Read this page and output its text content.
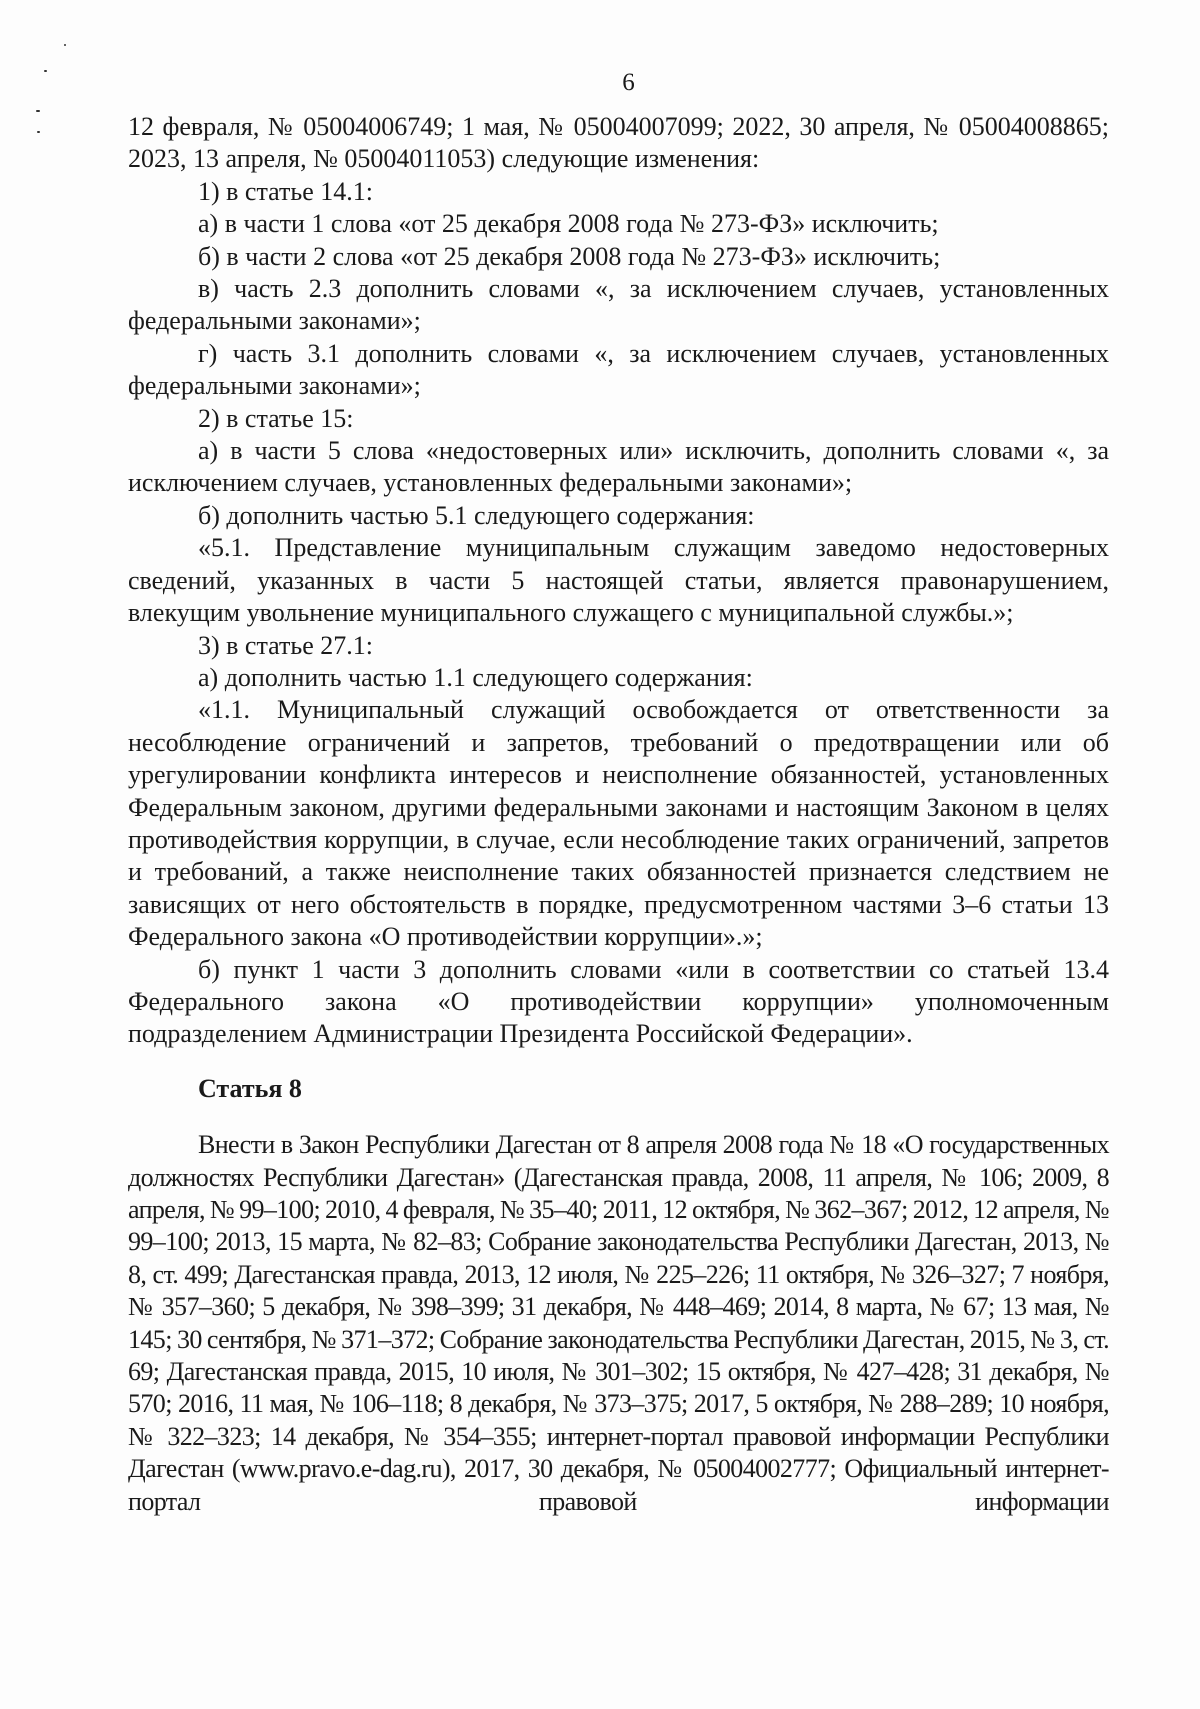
6

12 февраля, № 05004006749; 1 мая, № 05004007099; 2022, 30 апреля, № 05004008865; 2023, 13 апреля, № 05004011053) следующие изменения:

1) в статье 14.1:

а) в части 1 слова «от 25 декабря 2008 года № 273-ФЗ» исключить;

б) в части 2 слова «от 25 декабря 2008 года № 273-ФЗ» исключить;

в) часть 2.3 дополнить словами «, за исключением случаев, установленных федеральными законами»;

г) часть 3.1 дополнить словами «, за исключением случаев, установленных федеральными законами»;

2) в статье 15:

а) в части 5 слова «недостоверных или» исключить, дополнить словами «, за исключением случаев, установленных федеральными законами»;

б) дополнить частью 5.1 следующего содержания:

«5.1. Представление муниципальным служащим заведомо недостоверных сведений, указанных в части 5 настоящей статьи, является правонарушением, влекущим увольнение муниципального служащего с муниципальной службы.»;

3) в статье 27.1:

а) дополнить частью 1.1 следующего содержания:

«1.1. Муниципальный служащий освобождается от ответственности за несоблюдение ограничений и запретов, требований о предотвращении или об урегулировании конфликта интересов и неисполнение обязанностей, установленных Федеральным законом, другими федеральными законами и настоящим Законом в целях противодействия коррупции, в случае, если несоблюдение таких ограничений, запретов и требований, а также неисполнение таких обязанностей признается следствием не зависящих от него обстоятельств в порядке, предусмотренном частями 3–6 статьи 13 Федерального закона «О противодействии коррупции».»;

б) пункт 1 части 3 дополнить словами «или в соответствии со статьей 13.4 Федерального закона «О противодействии коррупции» уполномоченным подразделением Администрации Президента Российской Федерации».

Статья 8

Внести в Закон Республики Дагестан от 8 апреля 2008 года № 18 «О государственных должностях Республики Дагестан» (Дагестанская правда, 2008, 11 апреля, № 106; 2009, 8 апреля, № 99–100; 2010, 4 февраля, № 35–40; 2011, 12 октября, № 362–367; 2012, 12 апреля, № 99–100; 2013, 15 марта, № 82–83; Собрание законодательства Республики Дагестан, 2013, № 8, ст. 499; Дагестанская правда, 2013, 12 июля, № 225–226; 11 октября, № 326–327; 7 ноября, № 357–360; 5 декабря, № 398–399; 31 декабря, № 448–469; 2014, 8 марта, № 67; 13 мая, № 145; 30 сентября, № 371–372; Собрание законодательства Республики Дагестан, 2015, № 3, ст. 69; Дагестанская правда, 2015, 10 июля, № 301–302; 15 октября, № 427–428; 31 декабря, № 570; 2016, 11 мая, № 106–118; 8 декабря, № 373–375; 2017, 5 октября, № 288–289; 10 ноября, № 322–323; 14 декабря, № 354–355; интернет-портал правовой информации Республики Дагестан (www.pravo.e-dag.ru), 2017, 30 декабря, № 05004002777; Официальный интернет-портал правовой информации
